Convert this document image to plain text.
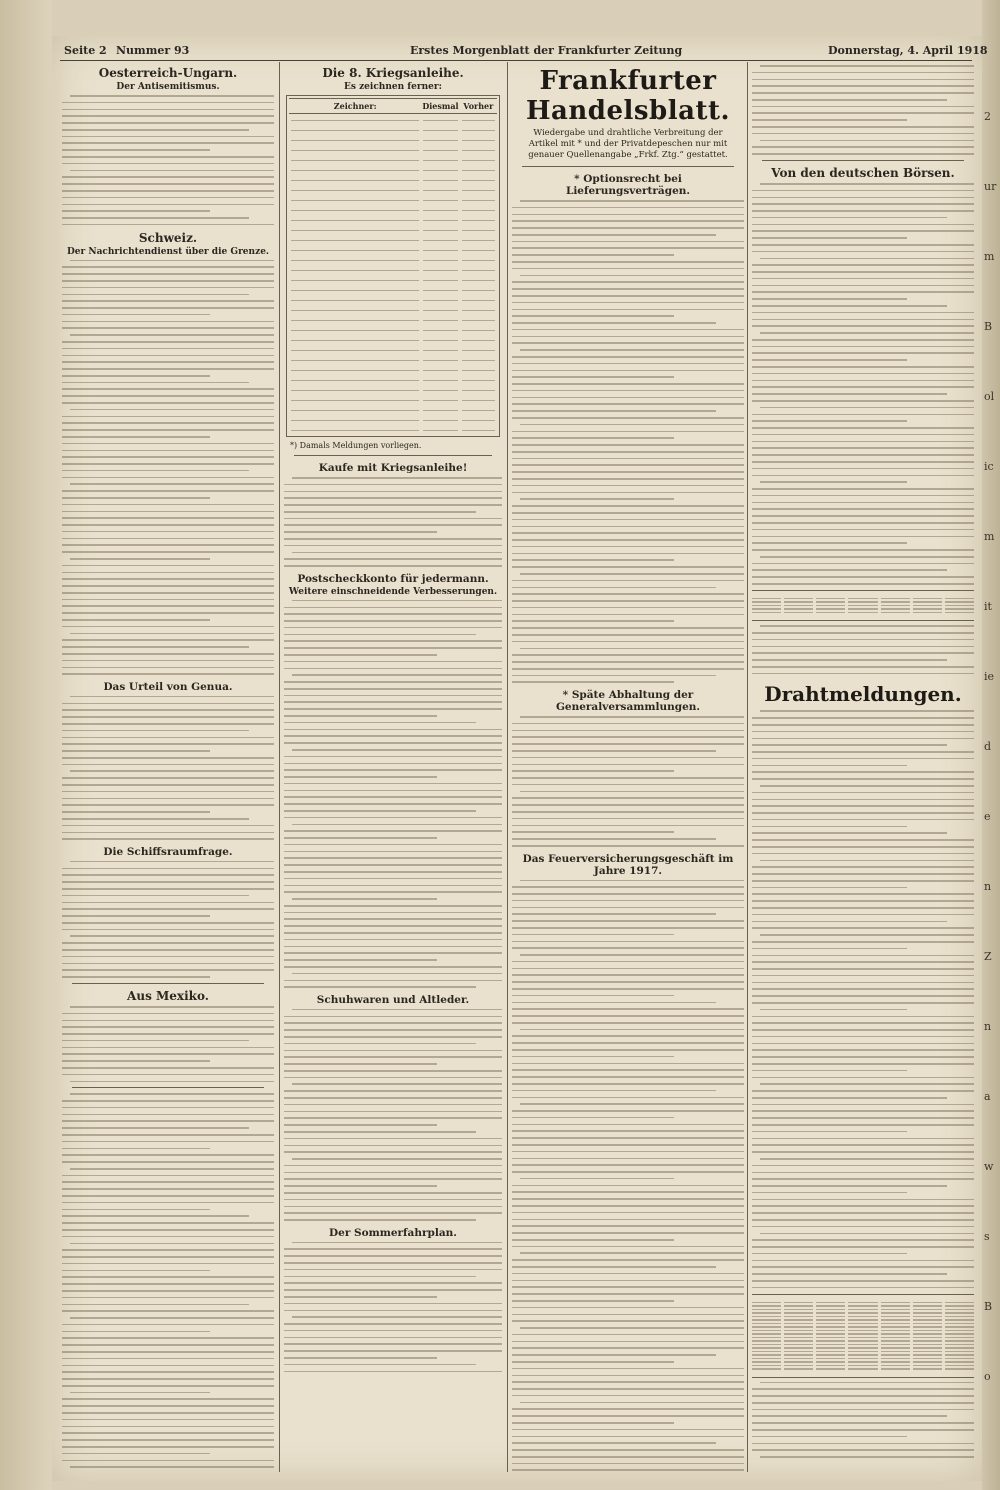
2
ur
m
B
ol
ic
m
it
ie
d
e
n
Z
n
a
w
s
B
o
Seite 2 Nummer 93	Erstes Morgenblatt der Frankfurter Zeitung	Donnerstag, 4. April 1918
Oesterreich-Ungarn.
Der Antisemitismus.
Schweiz.
Der Nachrichtendienst über die Grenze.
Das Urteil von Genua.
Die Schiffsraumfrage.
Aus Mexiko.
Die 8. Kriegsanleihe.
Es zeichnen ferner:
Zeichner:	Diesmal	Vorher

*) Damals Meldungen vorliegen.
Kaufe mit Kriegsanleihe!
Postscheckkonto für jedermann.
Weitere einschneidende Verbesserungen.
Schuhwaren und Altleder.
Der Sommerfahrplan.
Frankfurter Handelsblatt.
Wiedergabe und drahtliche Verbreitung der Artikel mit * und der Privatdepeschen nur mit genauer Quellenangabe „Frkf. Ztg.“ gestattet.
* Optionsrecht bei Lieferungsverträgen.
* Späte Abhaltung der Generalversammlungen.
Das Feuerversicherungsgeschäft im Jahre 1917.
Von den deutschen Börsen.
Drahtmeldungen.
